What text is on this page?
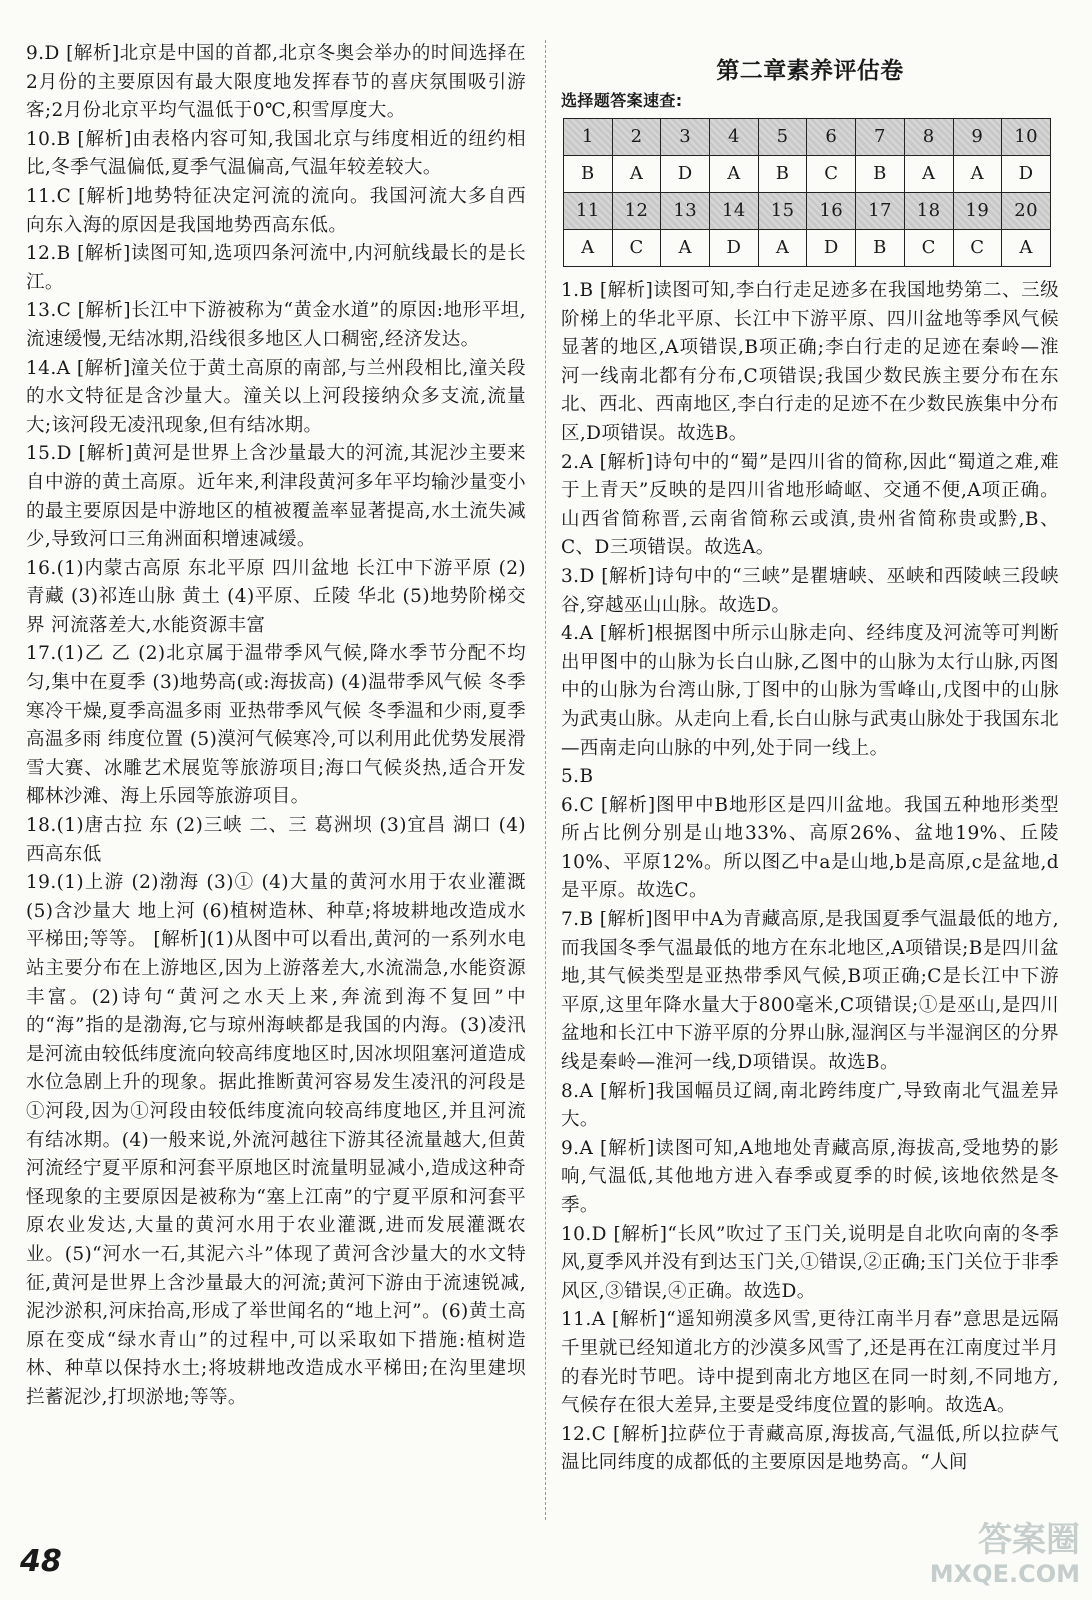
9.D [解析]北京是中国的首都,北京冬奥会举办的时间选择在2月份的主要原因有最大限度地发挥春节的喜庆氛围吸引游客;2月份北京平均气温低于0℃,积雪厚度大。

10.B [解析]由表格内容可知,我国北京与纬度相近的纽约相比,冬季气温偏低,夏季气温偏高,气温年较差较大。

11.C [解析]地势特征决定河流的流向。我国河流大多自西向东入海的原因是我国地势西高东低。

12.B [解析]读图可知,选项四条河流中,内河航线最长的是长江。

13.C [解析]长江中下游被称为“黄金水道”的原因:地形平坦,流速缓慢,无结冰期,沿线很多地区人口稠密,经济发达。

14.A [解析]潼关位于黄土高原的南部,与兰州段相比,潼关段的水文特征是含沙量大。潼关以上河段接纳众多支流,流量大;该河段无凌汛现象,但有结冰期。

15.D [解析]黄河是世界上含沙量最大的河流,其泥沙主要来自中游的黄土高原。近年来,利津段黄河多年平均输沙量变小的最主要原因是中游地区的植被覆盖率显著提高,水土流失减少,导致河口三角洲面积增速减缓。

16.(1)内蒙古高原 东北平原 四川盆地 长江中下游平原 (2)青藏 (3)祁连山脉 黄土 (4)平原、丘陵 华北 (5)地势阶梯交界 河流落差大,水能资源丰富

17.(1)乙 乙 (2)北京属于温带季风气候,降水季节分配不均匀,集中在夏季 (3)地势高(或:海拔高) (4)温带季风气候 冬季寒冷干燥,夏季高温多雨 亚热带季风气候 冬季温和少雨,夏季高温多雨 纬度位置 (5)漠河气候寒冷,可以利用此优势发展滑雪大赛、冰雕艺术展览等旅游项目;海口气候炎热,适合开发椰林沙滩、海上乐园等旅游项目。

18.(1)唐古拉 东 (2)三峡 二、三 葛洲坝 (3)宜昌 湖口 (4)西高东低

19.(1)上游 (2)渤海 (3)① (4)大量的黄河水用于农业灌溉 (5)含沙量大 地上河 (6)植树造林、种草;将坡耕地改造成水平梯田;等等。 [解析](1)从图中可以看出,黄河的一系列水电站主要分布在上游地区,因为上游落差大,水流湍急,水能资源丰富。(2)诗句“黄河之水天上来,奔流到海不复回”中的“海”指的是渤海,它与琼州海峡都是我国的内海。(3)凌汛是河流由较低纬度流向较高纬度地区时,因冰坝阻塞河道造成水位急剧上升的现象。据此推断黄河容易发生凌汛的河段是①河段,因为①河段由较低纬度流向较高纬度地区,并且河流有结冰期。(4)一般来说,外流河越往下游其径流量越大,但黄河流经宁夏平原和河套平原地区时流量明显减小,造成这种奇怪现象的主要原因是被称为“塞上江南”的宁夏平原和河套平原农业发达,大量的黄河水用于农业灌溉,进而发展灌溉农业。(5)“河水一石,其泥六斗”体现了黄河含沙量大的水文特征,黄河是世界上含沙量最大的河流;黄河下游由于流速锐减,泥沙淤积,河床抬高,形成了举世闻名的“地上河”。(6)黄土高原在变成“绿水青山”的过程中,可以采取如下措施:植树造林、种草以保持水土;将坡耕地改造成水平梯田;在沟里建坝拦蓄泥沙,打坝淤地;等等。

第二章素养评估卷
选择题答案速查:
1	2	3	4	5	6	7	8	9	10
B	A	D	A	B	C	B	A	A	D
11	12	13	14	15	16	17	18	19	20
A	C	A	D	A	D	B	C	C	A

1.B [解析]读图可知,李白行走足迹多在我国地势第二、三级阶梯上的华北平原、长江中下游平原、四川盆地等季风气候显著的地区,A项错误,B项正确;李白行走的足迹在秦岭—淮河一线南北都有分布,C项错误;我国少数民族主要分布在东北、西北、西南地区,李白行走的足迹不在少数民族集中分布区,D项错误。故选B。

2.A [解析]诗句中的“蜀”是四川省的简称,因此“蜀道之难,难于上青天”反映的是四川省地形崎岖、交通不便,A项正确。山西省简称晋,云南省简称云或滇,贵州省简称贵或黔,B、C、D三项错误。故选A。

3.D [解析]诗句中的“三峡”是瞿塘峡、巫峡和西陵峡三段峡谷,穿越巫山山脉。故选D。

4.A [解析]根据图中所示山脉走向、经纬度及河流等可判断出甲图中的山脉为长白山脉,乙图中的山脉为太行山脉,丙图中的山脉为台湾山脉,丁图中的山脉为雪峰山,戊图中的山脉为武夷山脉。从走向上看,长白山脉与武夷山脉处于我国东北—西南走向山脉的中列,处于同一线上。

5.B

6.C [解析]图甲中B地形区是四川盆地。我国五种地形类型所占比例分别是山地33%、高原26%、盆地19%、丘陵10%、平原12%。所以图乙中a是山地,b是高原,c是盆地,d是平原。故选C。

7.B [解析]图甲中A为青藏高原,是我国夏季气温最低的地方,而我国冬季气温最低的地方在东北地区,A项错误;B是四川盆地,其气候类型是亚热带季风气候,B项正确;C是长江中下游平原,这里年降水量大于800毫米,C项错误;①是巫山,是四川盆地和长江中下游平原的分界山脉,湿润区与半湿润区的分界线是秦岭—淮河一线,D项错误。故选B。

8.A [解析]我国幅员辽阔,南北跨纬度广,导致南北气温差异大。

9.A [解析]读图可知,A地地处青藏高原,海拔高,受地势的影响,气温低,其他地方进入春季或夏季的时候,该地依然是冬季。

10.D [解析]“长风”吹过了玉门关,说明是自北吹向南的冬季风,夏季风并没有到达玉门关,①错误,②正确;玉门关位于非季风区,③错误,④正确。故选D。

11.A [解析]“遥知朔漠多风雪,更待江南半月春”意思是远隔千里就已经知道北方的沙漠多风雪了,还是再在江南度过半月的春光时节吧。诗中提到南北方地区在同一时刻,不同地方,气候存在很大差异,主要是受纬度位置的影响。故选A。

12.C [解析]拉萨位于青藏高原,海拔高,气温低,所以拉萨气温比同纬度的成都低的主要原因是地势高。“人间

48
答案圈
MXQE.COM
